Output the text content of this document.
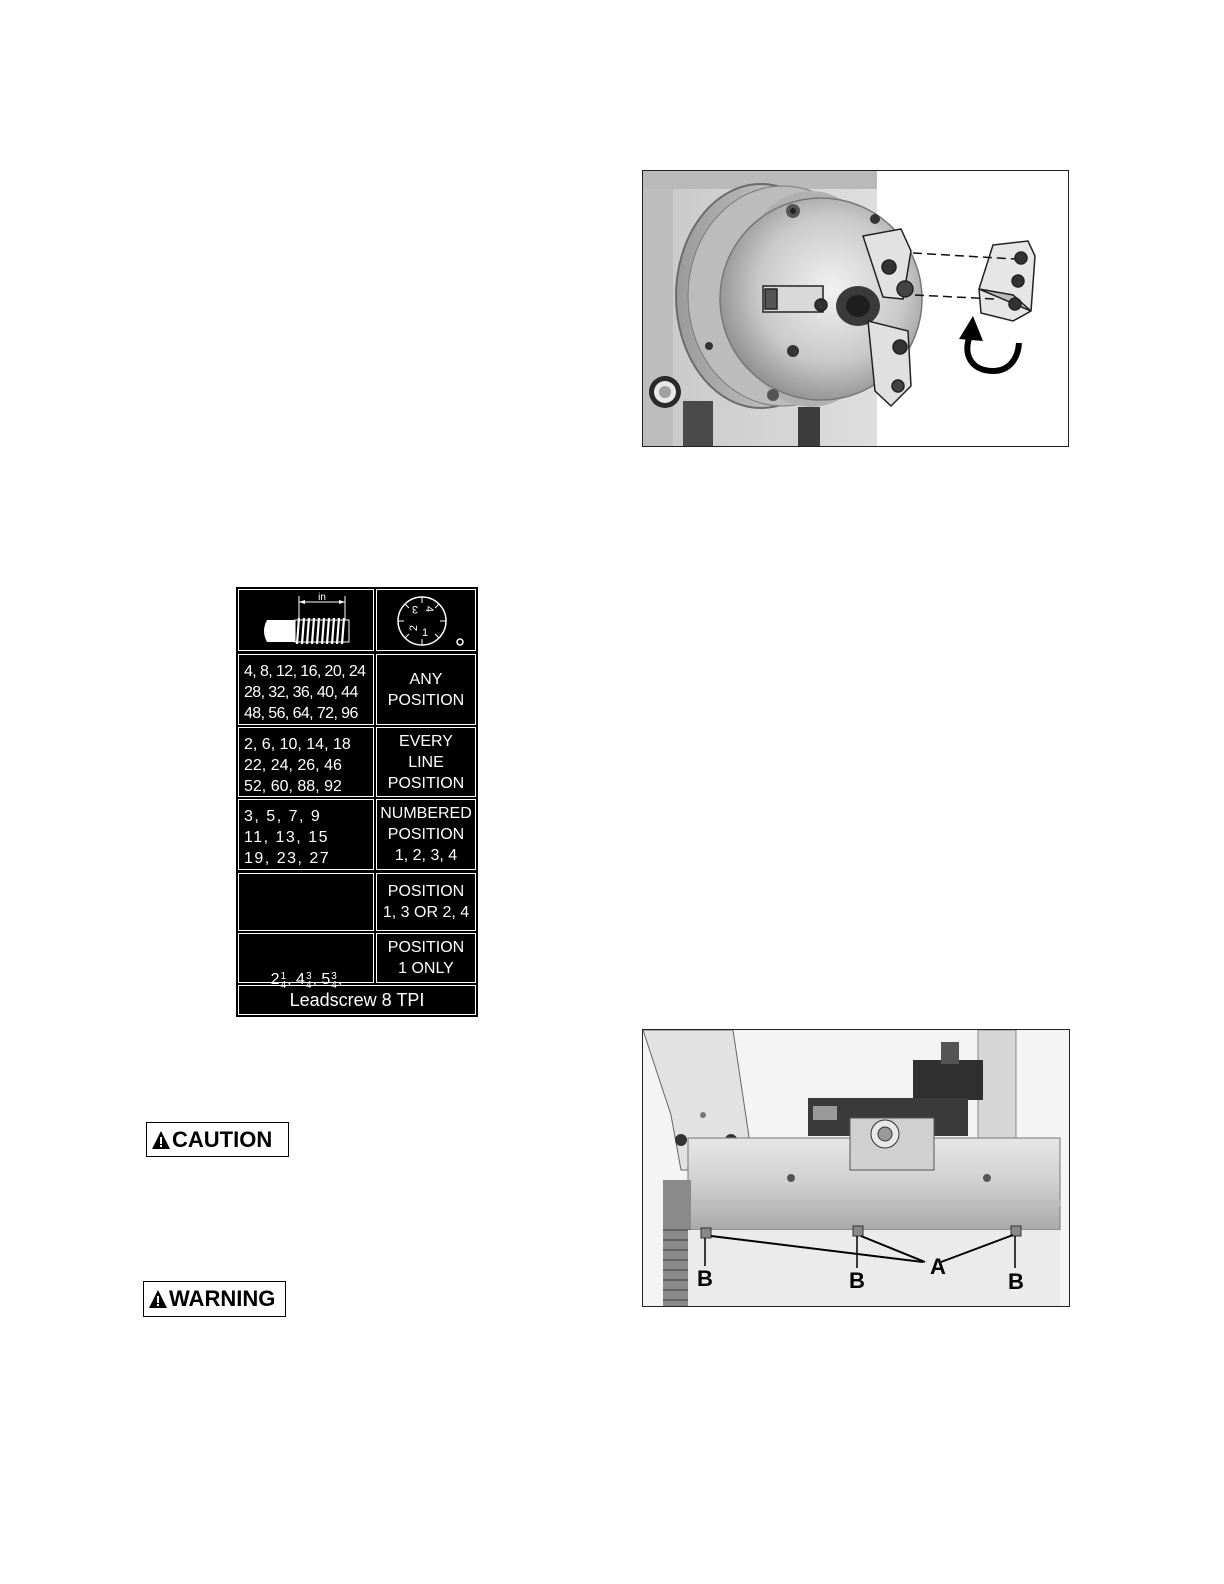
in
3 4
2 1
4, 8, 12, 16, 20, 24
28, 32, 36, 40, 44
48, 56, 64, 72, 96
ANY
POSITION
2, 6, 10, 14, 18
22, 24, 26, 46
52, 60, 88, 92
EVERY
LINE
POSITION
3, 5, 7, 9
11, 13, 15
19, 23, 27
NUMBERED
POSITION
1, 2, 3, 4

6 1
2 , 11 1
2

POSITION
1, 3 OR 2, 4

2 1
4 , 4 3
4 , 5 3
4 ,

POSITION
1 ONLY
Leadscrew 8 TPI
CAUTION
WARNING
A
B	B	B
